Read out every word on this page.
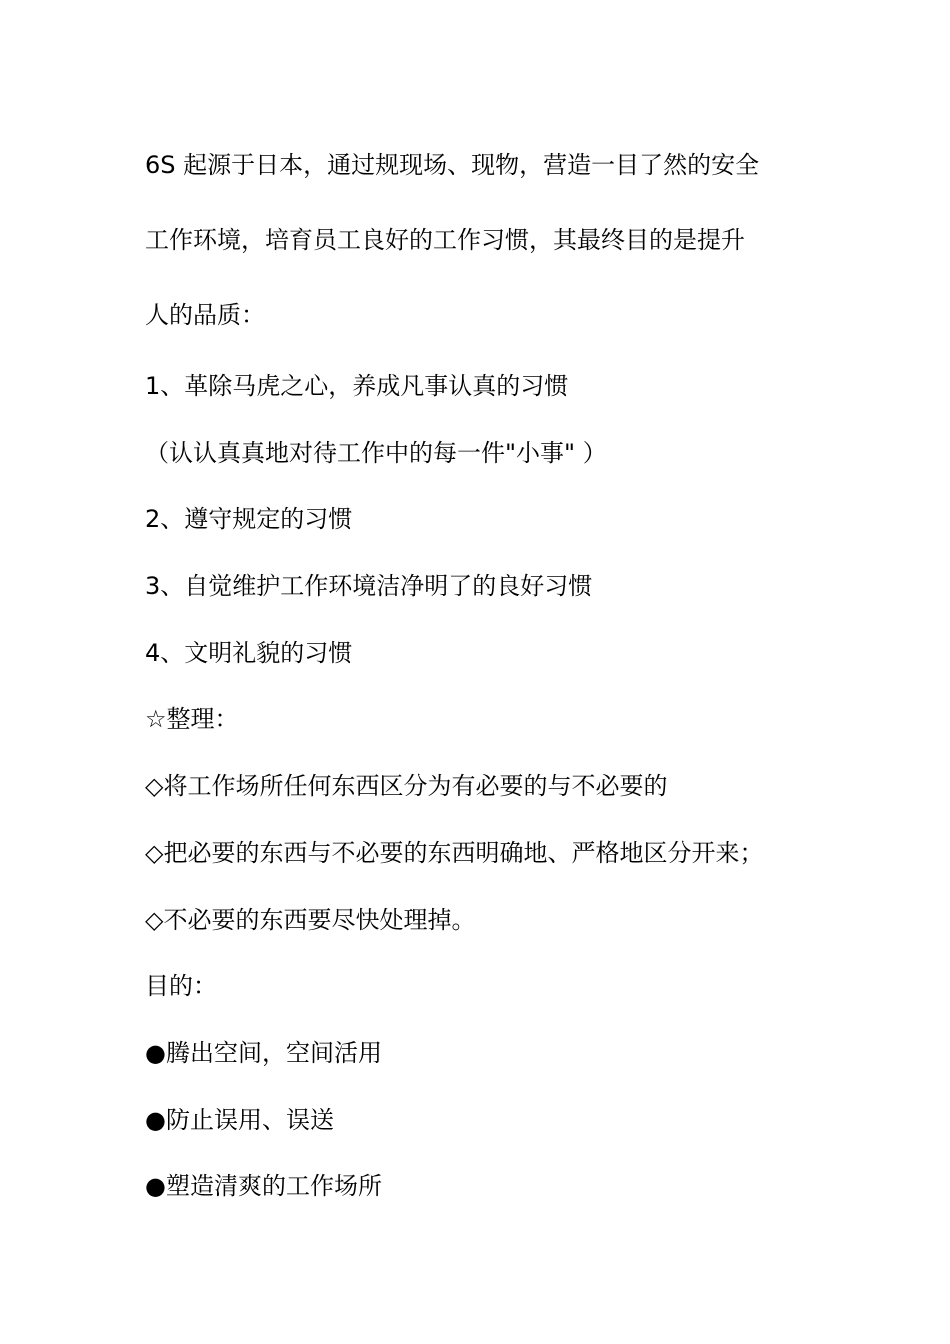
6S 起源于日本，通过规现场、现物，营造一目了然的安全

工作环境，培育员工良好的工作习惯，其最终目的是提升

人的品质：

1、革除马虎之心，养成凡事认真的习惯

（认认真真地对待工作中的每一件"小事" ）

2、遵守规定的习惯

3、自觉维护工作环境洁净明了的良好习惯

4、文明礼貌的习惯

☆整理：

◇将工作场所任何东西区分为有必要的与不必要的

◇把必要的东西与不必要的东西明确地、严格地区分开来；

◇不必要的东西要尽快处理掉。

目的：

●腾出空间，空间活用

●防止误用、误送

●塑造清爽的工作场所
